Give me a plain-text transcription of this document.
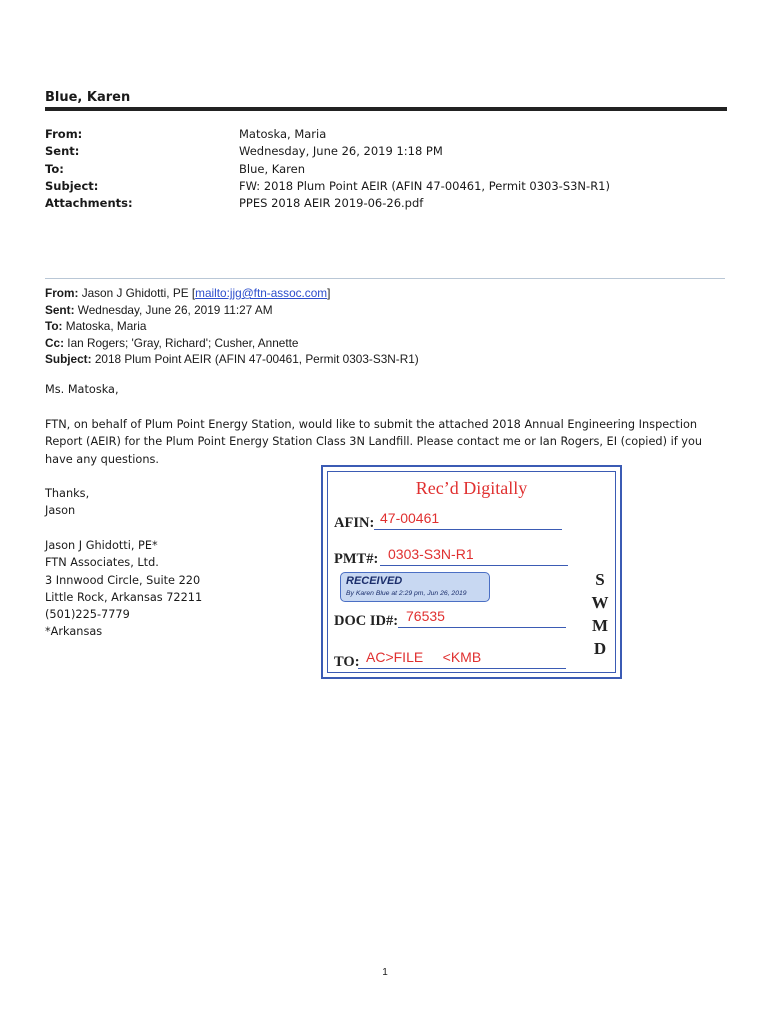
Blue, Karen
From:	Matoska, Maria
Sent:	Wednesday, June 26, 2019 1:18 PM
To:	Blue, Karen
Subject:	FW: 2018 Plum Point AEIR (AFIN 47-00461, Permit 0303-S3N-R1)
Attachments:	PPES 2018 AEIR 2019-06-26.pdf
From: Jason J Ghidotti, PE [mailto:jjg@ftn-assoc.com]
Sent: Wednesday, June 26, 2019 11:27 AM
To: Matoska, Maria
Cc: Ian Rogers; 'Gray, Richard'; Cusher, Annette
Subject: 2018 Plum Point AEIR (AFIN 47-00461, Permit 0303-S3N-R1)
Ms. Matoska,
FTN, on behalf of Plum Point Energy Station, would like to submit the attached 2018 Annual Engineering Inspection
Report (AEIR) for the Plum Point Energy Station Class 3N Landfill. Please contact me or Ian Rogers, EI (copied) if you
have any questions.
Thanks,
Jason
Jason J Ghidotti, PE*
FTN Associates, Ltd.
3 Innwood Circle, Suite 220
Little Rock, Arkansas 72211
(501)225-7779
*Arkansas
Rec’d Digitally
AFIN: 47-00461
PMT#: 0303-S3N-R1
RECEIVED
By Karen Blue at 2:29 pm, Jun 26, 2019
DOC ID#: 76535
TO: AC>FILE     <KMB
S
W
M
D
1
